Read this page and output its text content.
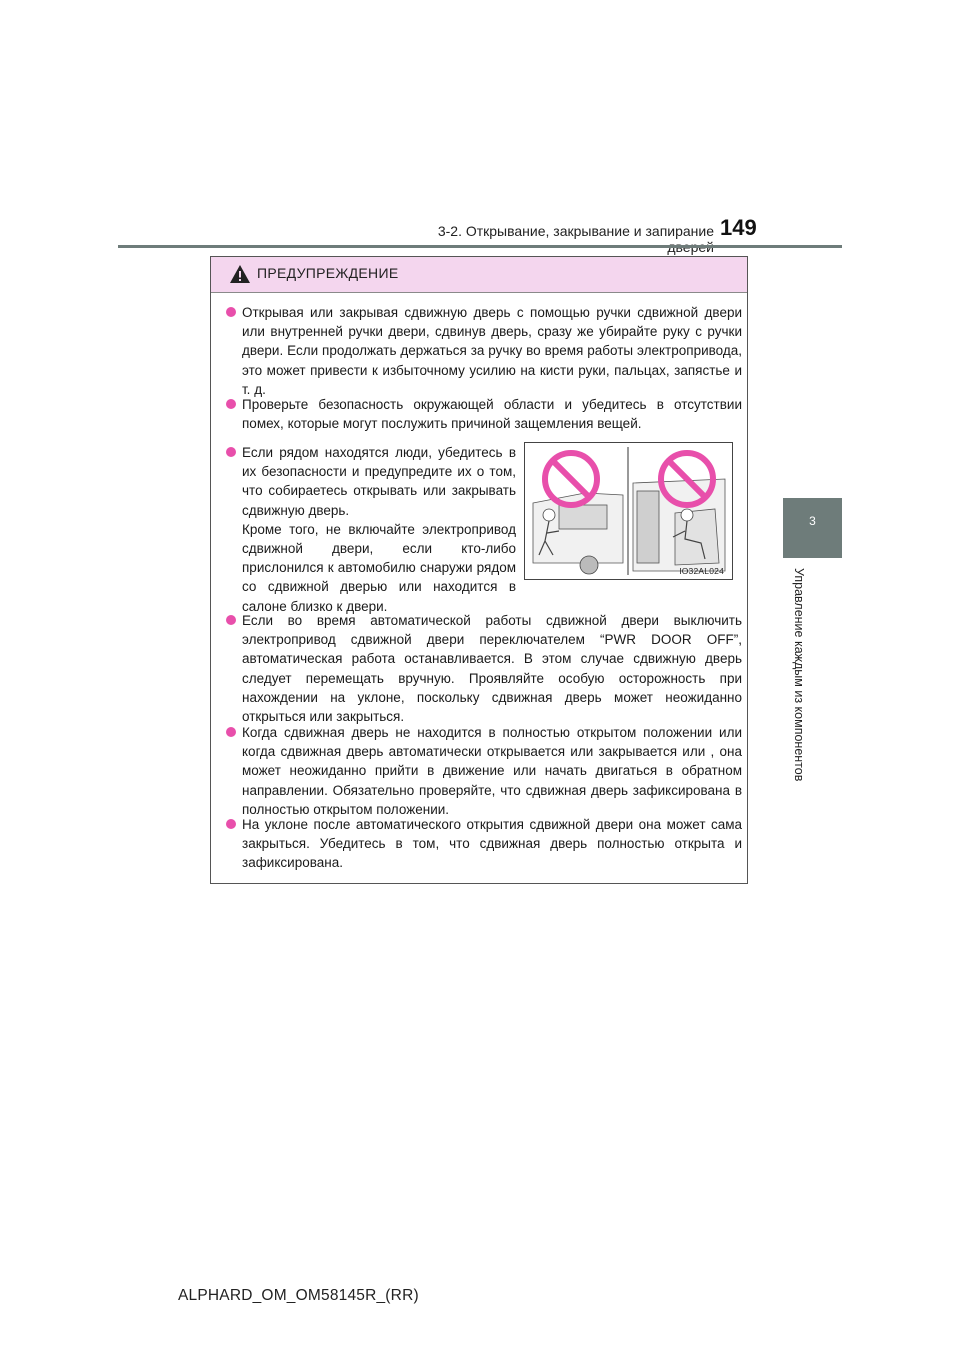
3-2. Открывание, закрывание и запирание 149
3
Управление каждым из компонентов
ПРЕДУПРЕЖДЕНИЕ
Открывая или закрывая сдвижную дверь с помощью ручки сдвижной двери или внутренней ручки двери, сдвинув дверь, сразу же убирайте руку с ручки двери. Если продолжать держаться за ручку во время работы электропривода, это может привести к избыточному усилию на кисти руки, пальцах, запястье и т. д.
Проверьте безопасность окружающей области и убедитесь в отсутствии помех, которые могут послужить причиной защемления вещей.
Если рядом находятся люди, убедитесь в их безопасности и предупредите их о том, что собираетесь открывать или закрывать сдвижную дверь.
Кроме того, не включайте электропривод сдвижной двери, если кто-либо прислонился к автомобилю снаружи рядом со сдвижной дверью или находится в салоне близко к двери.
IO32AL024
Если во время автоматической работы сдвижной двери выключить электропривод сдвижной двери переключателем “PWR DOOR OFF”, автоматическая работа останавливается. В этом случае сдвижную дверь следует перемещать вручную. Проявляйте особую осторожность при нахождении на уклоне, поскольку сдвижная дверь может неожиданно открыться или закрыться.
Когда сдвижная дверь не находится в полностью открытом положении или когда сдвижная дверь автоматически открывается или закрывается или , она может неожиданно прийти в движение или начать двигаться в обратном направлении. Обязательно проверяйте, что сдвижная дверь зафиксирована в полностью открытом положении.
На уклоне после автоматического открытия сдвижной двери она может сама закрыться. Убедитесь в том, что сдвижная дверь полностью открыта и зафиксирована.
ALPHARD_OM_OM58145R_(RR)
